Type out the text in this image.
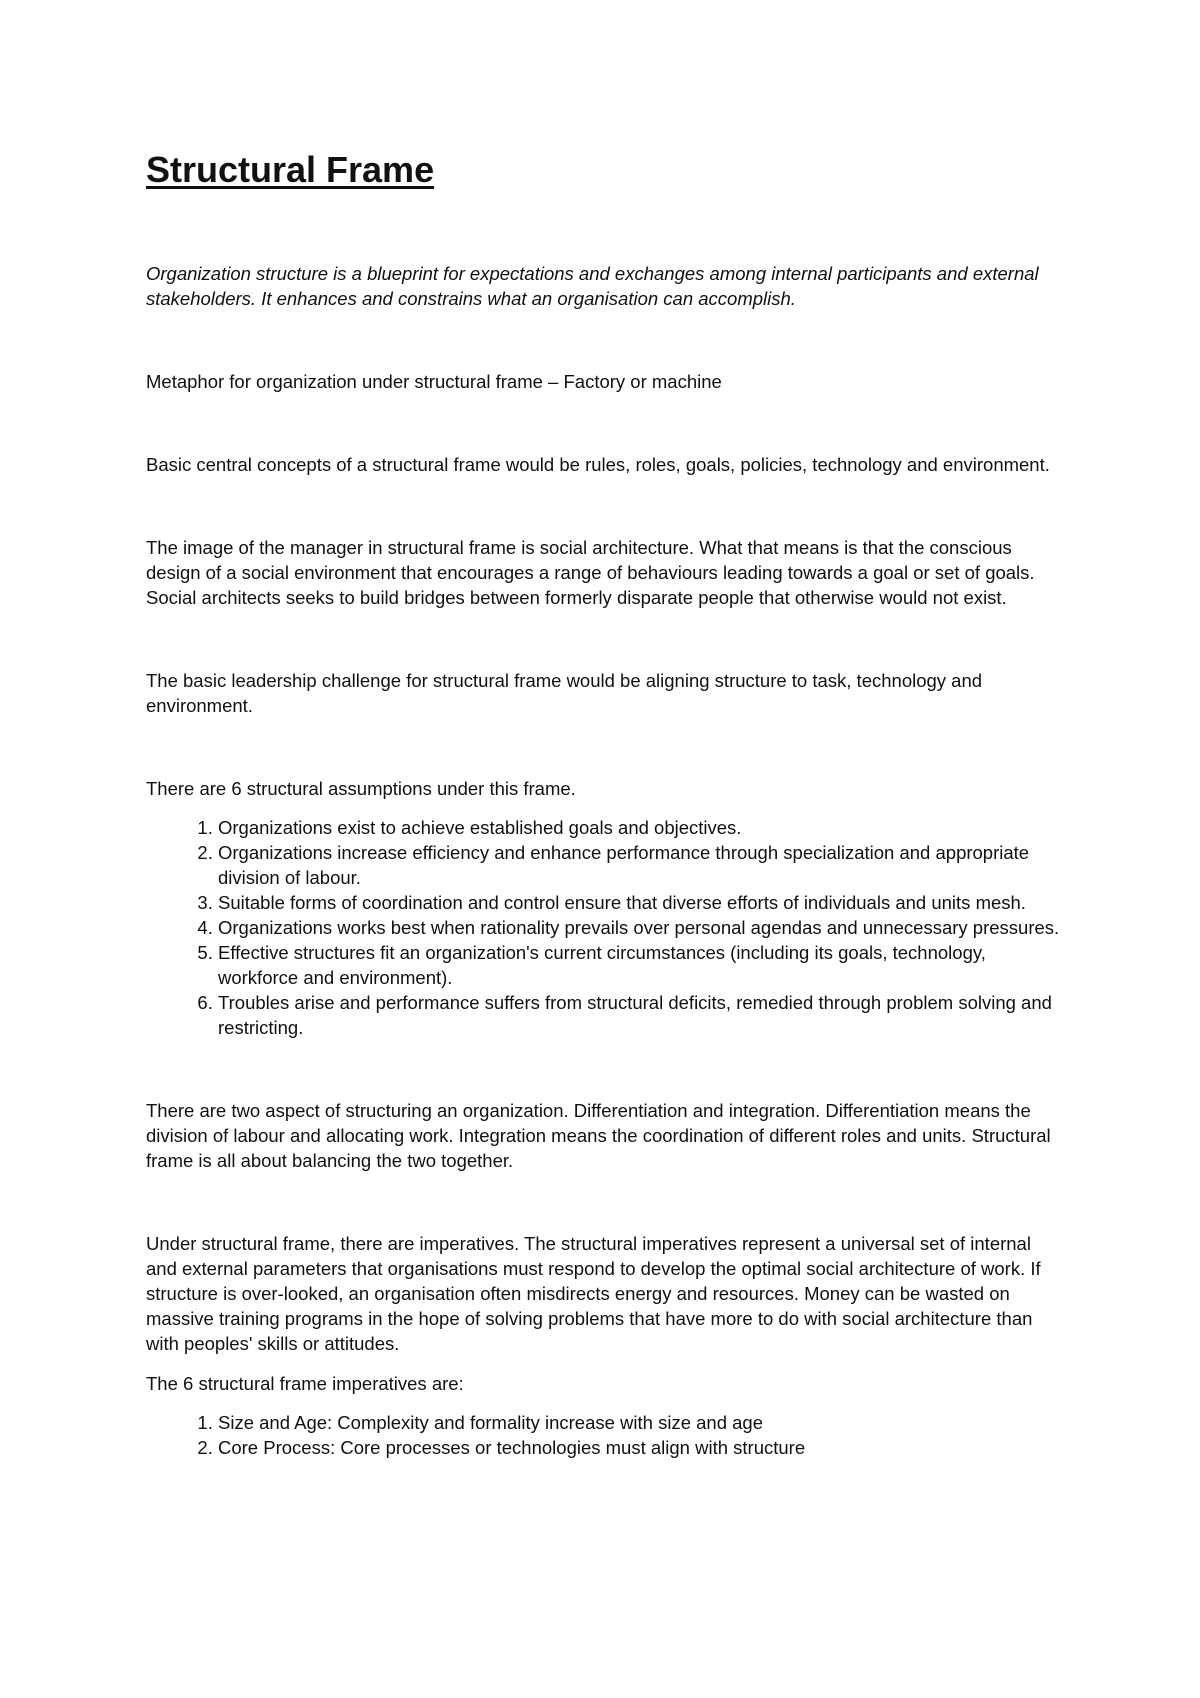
Structural Frame

Organization structure is a blueprint for expectations and exchanges among internal participants and external stakeholders. It enhances and constrains what an organisation can accomplish.

Metaphor for organization under structural frame – Factory or machine

Basic central concepts of a structural frame would be rules, roles, goals, policies, technology and environment.

The image of the manager in structural frame is social architecture. What that means is that the conscious design of a social environment that encourages a range of behaviours leading towards a goal or set of goals. Social architects seeks to build bridges between formerly disparate people that otherwise would not exist.

The basic leadership challenge for structural frame would be aligning structure to task, technology and environment.

There are 6 structural assumptions under this frame.

1. Organizations exist to achieve established goals and objectives.
2. Organizations increase efficiency and enhance performance through specialization and appropriate division of labour.
3. Suitable forms of coordination and control ensure that diverse efforts of individuals and units mesh.
4. Organizations works best when rationality prevails over personal agendas and unnecessary pressures.
5. Effective structures fit an organization's current circumstances (including its goals, technology, workforce and environment).
6. Troubles arise and performance suffers from structural deficits, remedied through problem solving and restricting.

There are two aspect of structuring an organization. Differentiation and integration. Differentiation means the division of labour and allocating work. Integration means the coordination of different roles and units. Structural frame is all about balancing the two together.

Under structural frame, there are imperatives. The structural imperatives represent a universal set of internal and external parameters that organisations must respond to develop the optimal social architecture of work. If structure is over-looked, an organisation often misdirects energy and resources. Money can be wasted on massive training programs in the hope of solving problems that have more to do with social architecture than with peoples' skills or attitudes.

The 6 structural frame imperatives are:

1. Size and Age: Complexity and formality increase with size and age
2. Core Process: Core processes or technologies must align with structure
